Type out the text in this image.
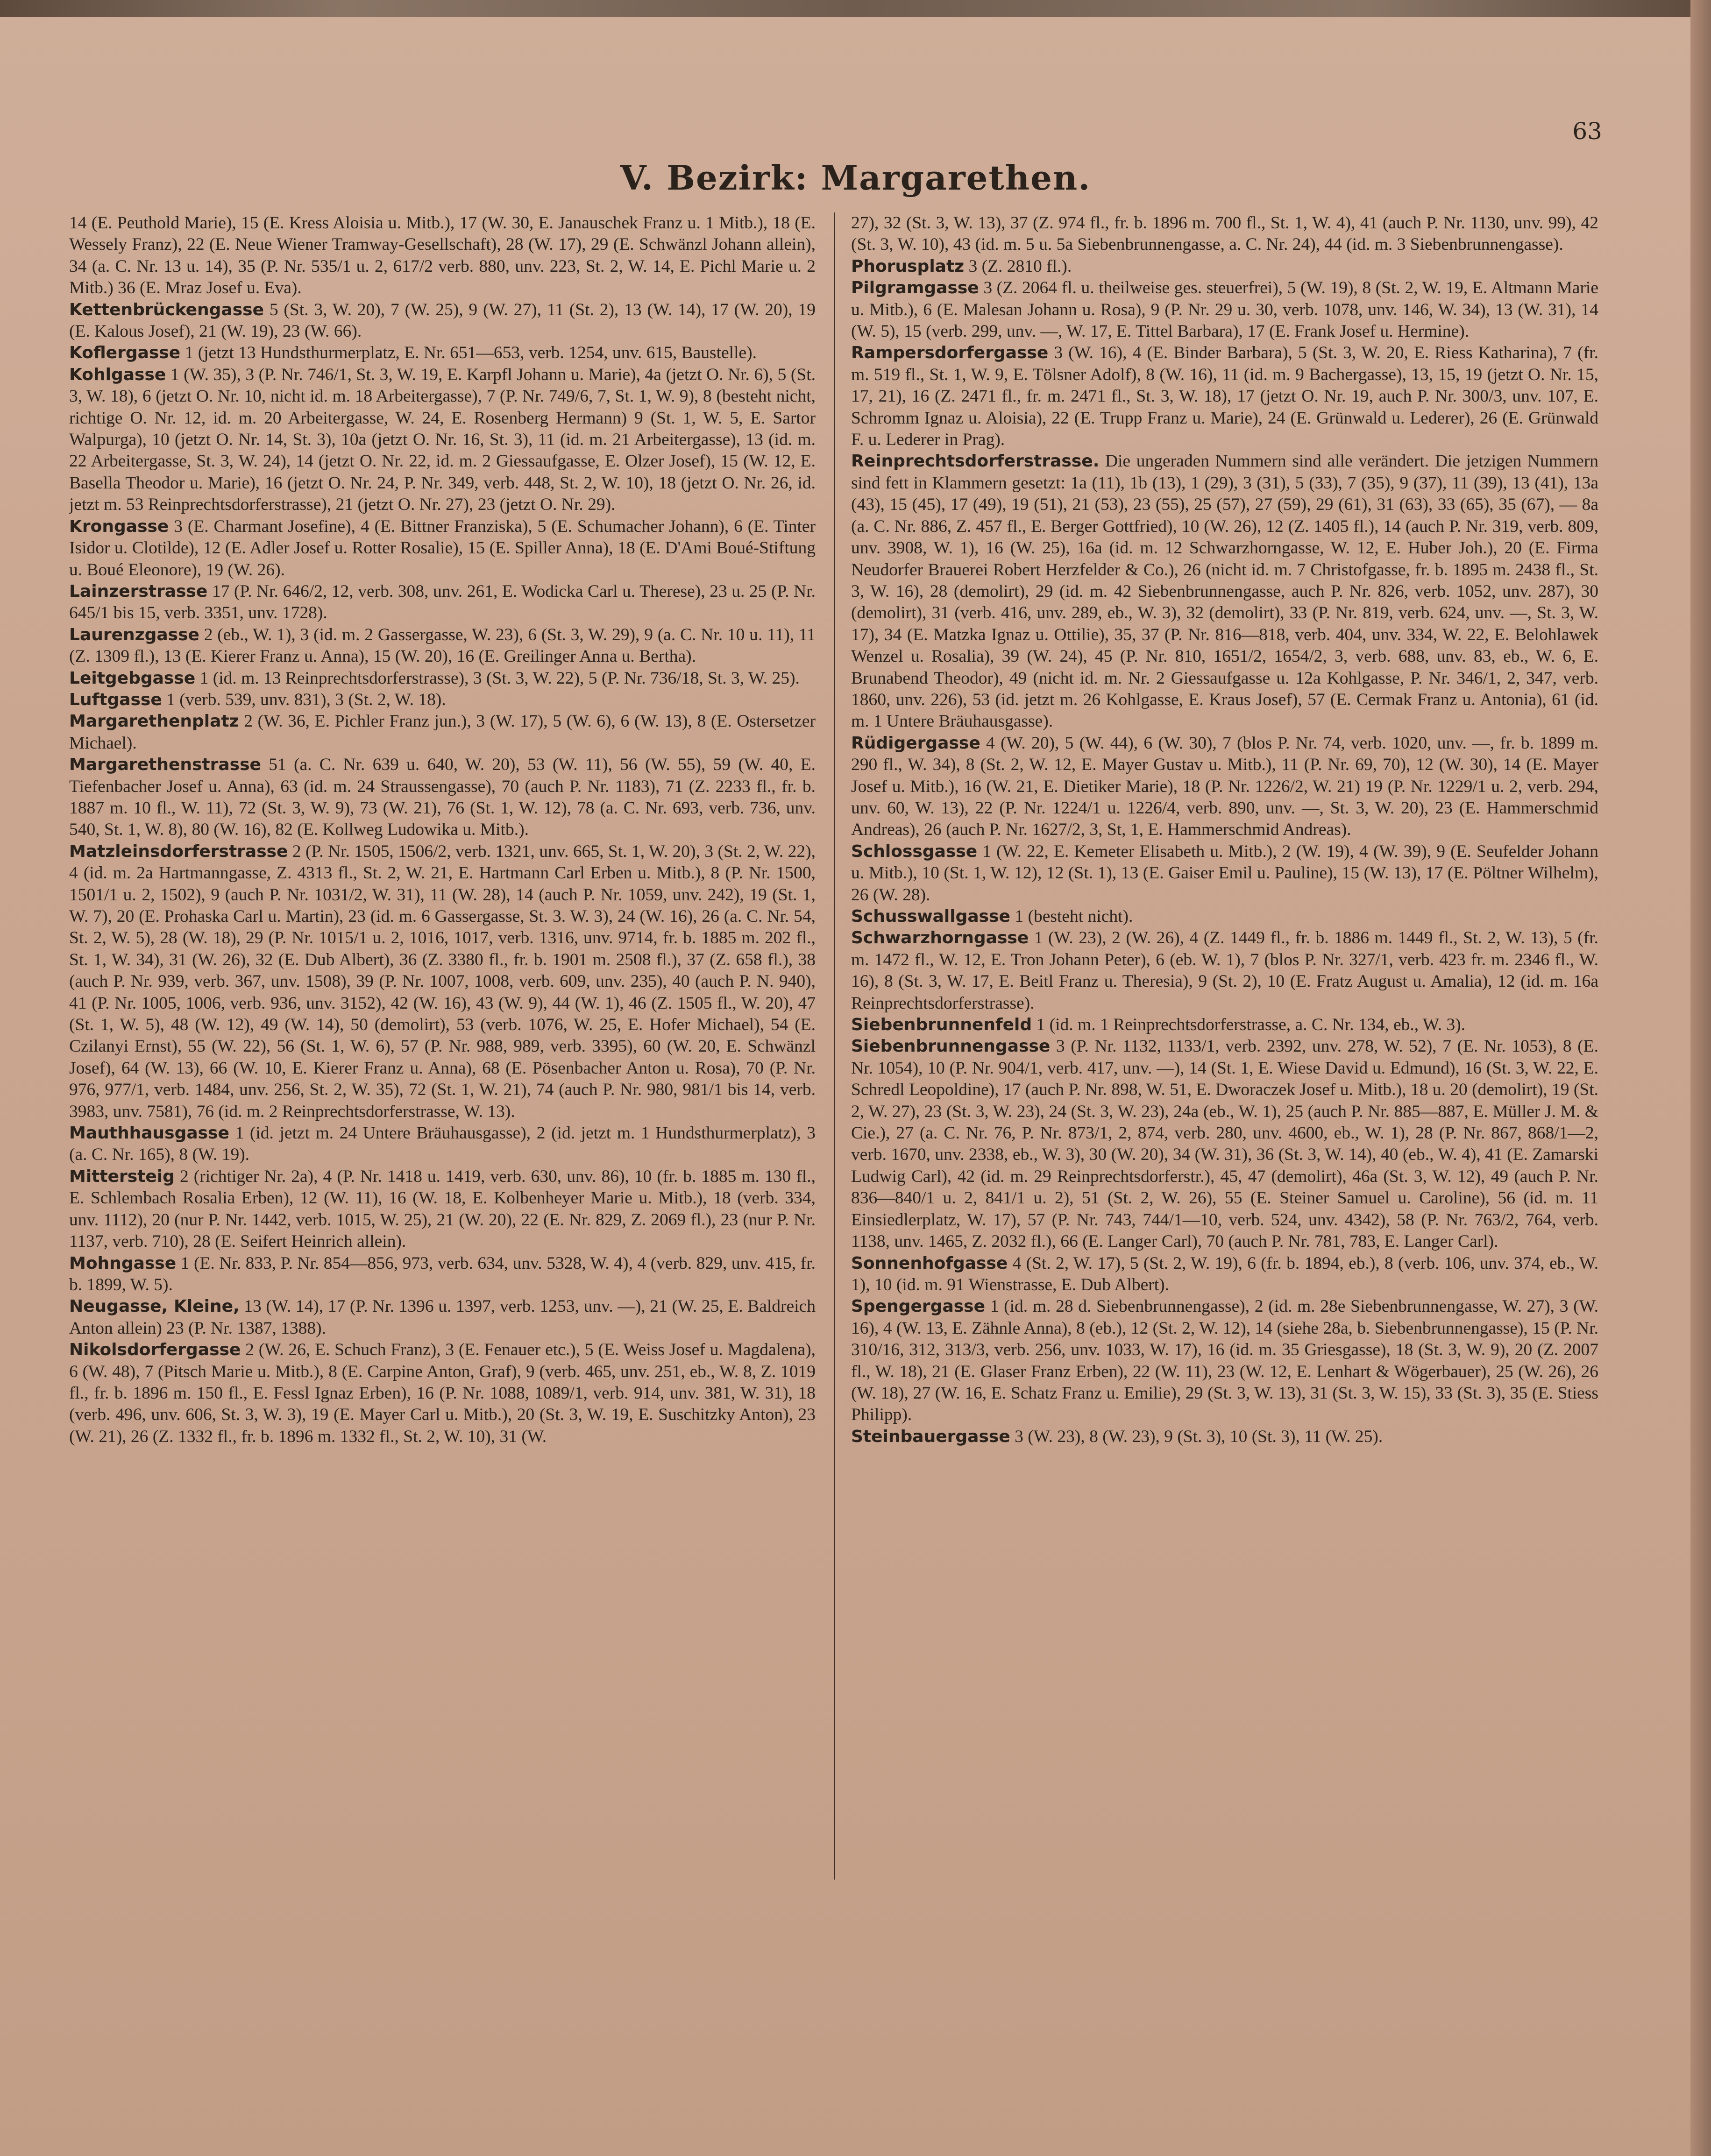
63
V. Bezirk: Margarethen.
14 (E. Peuthold Marie), 15 (E. Kress Aloisia u. Mitb.), 17 (W. 30, E. Janauschek Franz u. 1 Mitb.), 18 (E. Wessely Franz), 22 (E. Neue Wiener Tramway-Gesellschaft), 28 (W. 17), 29 (E. Schwänzl Johann allein), 34 (a. C. Nr. 13 u. 14), 35 (P. Nr. 535/1 u. 2, 617/2 verb. 880, unv. 223, St. 2, W. 14, E. Pichl Marie u. 2 Mitb.) 36 (E. Mraz Josef u. Eva).
Kettenbrückengasse 5 (St. 3, W. 20), 7 (W. 25), 9 (W. 27), 11 (St. 2), 13 (W. 14), 17 (W. 20), 19 (E. Kalous Josef), 21 (W. 19), 23 (W. 66).
Koflergasse 1 (jetzt 13 Hundsthurmerplatz, E. Nr. 651—653, verb. 1254, unv. 615, Baustelle).
Kohlgasse 1 (W. 35), 3 (P. Nr. 746/1, St. 3, W. 19, E. Karpfl Johann u. Marie), 4a (jetzt O. Nr. 6), 5 (St. 3, W. 18), 6 (jetzt O. Nr. 10, nicht id. m. 18 Arbeitergasse), 7 (P. Nr. 749/6, 7, St. 1, W. 9), 8 (besteht nicht, richtige O. Nr. 12, id. m. 20 Arbeitergasse, W. 24, E. Rosenberg Hermann) 9 (St. 1, W. 5, E. Sartor Walpurga), 10 (jetzt O. Nr. 14, St. 3), 10a (jetzt O. Nr. 16, St. 3), 11 (id. m. 21 Arbeitergasse), 13 (id. m. 22 Arbeitergasse, St. 3, W. 24), 14 (jetzt O. Nr. 22, id. m. 2 Giessaufgasse, E. Olzer Josef), 15 (W. 12, E. Basella Theodor u. Marie), 16 (jetzt O. Nr. 24, P. Nr. 349, verb. 448, St. 2, W. 10), 18 (jetzt O. Nr. 26, id. jetzt m. 53 Reinprechtsdorferstrasse), 21 (jetzt O. Nr. 27), 23 (jetzt O. Nr. 29).
Krongasse 3 (E. Charmant Josefine), 4 (E. Bittner Franziska), 5 (E. Schumacher Johann), 6 (E. Tinter Isidor u. Clotilde), 12 (E. Adler Josef u. Rotter Rosalie), 15 (E. Spiller Anna), 18 (E. D'Ami Boué-Stiftung u. Boué Eleonore), 19 (W. 26).
Lainzerstrasse 17 (P. Nr. 646/2, 12, verb. 308, unv. 261, E. Wodicka Carl u. Therese), 23 u. 25 (P. Nr. 645/1 bis 15, verb. 3351, unv. 1728).
Laurenzgasse 2 (eb., W. 1), 3 (id. m. 2 Gassergasse, W. 23), 6 (St. 3, W. 29), 9 (a. C. Nr. 10 u. 11), 11 (Z. 1309 fl.), 13 (E. Kierer Franz u. Anna), 15 (W. 20), 16 (E. Greilinger Anna u. Bertha).
Leitgebgasse 1 (id. m. 13 Reinprechtsdorferstrasse), 3 (St. 3, W. 22), 5 (P. Nr. 736/18, St. 3, W. 25).
Luftgasse 1 (verb. 539, unv. 831), 3 (St. 2, W. 18).
Margarethenplatz 2 (W. 36, E. Pichler Franz jun.), 3 (W. 17), 5 (W. 6), 6 (W. 13), 8 (E. Ostersetzer Michael).
Margarethenstrasse 51 (a. C. Nr. 639 u. 640, W. 20), 53 (W. 11), 56 (W. 55), 59 (W. 40, E. Tiefenbacher Josef u. Anna), 63 (id. m. 24 Straussengasse), 70 (auch P. Nr. 1183), 71 (Z. 2233 fl., fr. b. 1887 m. 10 fl., W. 11), 72 (St. 3, W. 9), 73 (W. 21), 76 (St. 1, W. 12), 78 (a. C. Nr. 693, verb. 736, unv. 540, St. 1, W. 8), 80 (W. 16), 82 (E. Kollweg Ludowika u. Mitb.).
Matzleinsdorferstrasse 2 (P. Nr. 1505, 1506/2, verb. 1321, unv. 665, St. 1, W. 20), 3 (St. 2, W. 22), 4 (id. m. 2a Hartmanngasse, Z. 4313 fl., St. 2, W. 21, E. Hartmann Carl Erben u. Mitb.), 8 (P. Nr. 1500, 1501/1 u. 2, 1502), 9 (auch P. Nr. 1031/2, W. 31), 11 (W. 28), 14 (auch P. Nr. 1059, unv. 242), 19 (St. 1, W. 7), 20 (E. Prohaska Carl u. Martin), 23 (id. m. 6 Gassergasse, St. 3. W. 3), 24 (W. 16), 26 (a. C. Nr. 54, St. 2, W. 5), 28 (W. 18), 29 (P. Nr. 1015/1 u. 2, 1016, 1017, verb. 1316, unv. 9714, fr. b. 1885 m. 202 fl., St. 1, W. 34), 31 (W. 26), 32 (E. Dub Albert), 36 (Z. 3380 fl., fr. b. 1901 m. 2508 fl.), 37 (Z. 658 fl.), 38 (auch P. Nr. 939, verb. 367, unv. 1508), 39 (P. Nr. 1007, 1008, verb. 609, unv. 235), 40 (auch P. N. 940), 41 (P. Nr. 1005, 1006, verb. 936, unv. 3152), 42 (W. 16), 43 (W. 9), 44 (W. 1), 46 (Z. 1505 fl., W. 20), 47 (St. 1, W. 5), 48 (W. 12), 49 (W. 14), 50 (demolirt), 53 (verb. 1076, W. 25, E. Hofer Michael), 54 (E. Czilanyi Ernst), 55 (W. 22), 56 (St. 1, W. 6), 57 (P. Nr. 988, 989, verb. 3395), 60 (W. 20, E. Schwänzl Josef), 64 (W. 13), 66 (W. 10, E. Kierer Franz u. Anna), 68 (E. Pösenbacher Anton u. Rosa), 70 (P. Nr. 976, 977/1, verb. 1484, unv. 256, St. 2, W. 35), 72 (St. 1, W. 21), 74 (auch P. Nr. 980, 981/1 bis 14, verb. 3983, unv. 7581), 76 (id. m. 2 Reinprechtsdorferstrasse, W. 13).
Mauthhausgasse 1 (id. jetzt m. 24 Untere Bräuhausgasse), 2 (id. jetzt m. 1 Hundsthurmerplatz), 3 (a. C. Nr. 165), 8 (W. 19).
Mittersteig 2 (richtiger Nr. 2a), 4 (P. Nr. 1418 u. 1419, verb. 630, unv. 86), 10 (fr. b. 1885 m. 130 fl., E. Schlembach Rosalia Erben), 12 (W. 11), 16 (W. 18, E. Kolbenheyer Marie u. Mitb.), 18 (verb. 334, unv. 1112), 20 (nur P. Nr. 1442, verb. 1015, W. 25), 21 (W. 20), 22 (E. Nr. 829, Z. 2069 fl.), 23 (nur P. Nr. 1137, verb. 710), 28 (E. Seifert Heinrich allein).
Mohngasse 1 (E. Nr. 833, P. Nr. 854—856, 973, verb. 634, unv. 5328, W. 4), 4 (verb. 829, unv. 415, fr. b. 1899, W. 5).
Neugasse, Kleine, 13 (W. 14), 17 (P. Nr. 1396 u. 1397, verb. 1253, unv. —), 21 (W. 25, E. Baldreich Anton allein) 23 (P. Nr. 1387, 1388).
Nikolsdorfergasse 2 (W. 26, E. Schuch Franz), 3 (E. Fenauer etc.), 5 (E. Weiss Josef u. Magdalena), 6 (W. 48), 7 (Pitsch Marie u. Mitb.), 8 (E. Carpine Anton, Graf), 9 (verb. 465, unv. 251, eb., W. 8, Z. 1019 fl., fr. b. 1896 m. 150 fl., E. Fessl Ignaz Erben), 16 (P. Nr. 1088, 1089/1, verb. 914, unv. 381, W. 31), 18 (verb. 496, unv. 606, St. 3, W. 3), 19 (E. Mayer Carl u. Mitb.), 20 (St. 3, W. 19, E. Suschitzky Anton), 23 (W. 21), 26 (Z. 1332 fl., fr. b. 1896 m. 1332 fl., St. 2, W. 10), 31 (W.
27), 32 (St. 3, W. 13), 37 (Z. 974 fl., fr. b. 1896 m. 700 fl., St. 1, W. 4), 41 (auch P. Nr. 1130, unv. 99), 42 (St. 3, W. 10), 43 (id. m. 5 u. 5a Siebenbrunnengasse, a. C. Nr. 24), 44 (id. m. 3 Siebenbrunnengasse).
Phorusplatz 3 (Z. 2810 fl.).
Pilgramgasse 3 (Z. 2064 fl. u. theilweise ges. steuerfrei), 5 (W. 19), 8 (St. 2, W. 19, E. Altmann Marie u. Mitb.), 6 (E. Malesan Johann u. Rosa), 9 (P. Nr. 29 u. 30, verb. 1078, unv. 146, W. 34), 13 (W. 31), 14 (W. 5), 15 (verb. 299, unv. —, W. 17, E. Tittel Barbara), 17 (E. Frank Josef u. Hermine).
Rampersdorfergasse 3 (W. 16), 4 (E. Binder Barbara), 5 (St. 3, W. 20, E. Riess Katharina), 7 (fr. m. 519 fl., St. 1, W. 9, E. Tölsner Adolf), 8 (W. 16), 11 (id. m. 9 Bachergasse), 13, 15, 19 (jetzt O. Nr. 15, 17, 21), 16 (Z. 2471 fl., fr. m. 2471 fl., St. 3, W. 18), 17 (jetzt O. Nr. 19, auch P. Nr. 300/3, unv. 107, E. Schromm Ignaz u. Aloisia), 22 (E. Trupp Franz u. Marie), 24 (E. Grünwald u. Lederer), 26 (E. Grünwald F. u. Lederer in Prag).
Reinprechtsdorferstrasse. Die ungeraden Nummern sind alle verändert. Die jetzigen Nummern sind fett in Klammern gesetzt: 1a (11), 1b (13), 1 (29), 3 (31), 5 (33), 7 (35), 9 (37), 11 (39), 13 (41), 13a (43), 15 (45), 17 (49), 19 (51), 21 (53), 23 (55), 25 (57), 27 (59), 29 (61), 31 (63), 33 (65), 35 (67), — 8a (a. C. Nr. 886, Z. 457 fl., E. Berger Gottfried), 10 (W. 26), 12 (Z. 1405 fl.), 14 (auch P. Nr. 319, verb. 809, unv. 3908, W. 1), 16 (W. 25), 16a (id. m. 12 Schwarzhorngasse, W. 12, E. Huber Joh.), 20 (E. Firma Neudorfer Brauerei Robert Herzfelder & Co.), 26 (nicht id. m. 7 Christofgasse, fr. b. 1895 m. 2438 fl., St. 3, W. 16), 28 (demolirt), 29 (id. m. 42 Siebenbrunnengasse, auch P. Nr. 826, verb. 1052, unv. 287), 30 (demolirt), 31 (verb. 416, unv. 289, eb., W. 3), 32 (demolirt), 33 (P. Nr. 819, verb. 624, unv. —, St. 3, W. 17), 34 (E. Matzka Ignaz u. Ottilie), 35, 37 (P. Nr. 816—818, verb. 404, unv. 334, W. 22, E. Belohlawek Wenzel u. Rosalia), 39 (W. 24), 45 (P. Nr. 810, 1651/2, 1654/2, 3, verb. 688, unv. 83, eb., W. 6, E. Brunabend Theodor), 49 (nicht id. m. Nr. 2 Giessaufgasse u. 12a Kohlgasse, P. Nr. 346/1, 2, 347, verb. 1860, unv. 226), 53 (id. jetzt m. 26 Kohlgasse, E. Kraus Josef), 57 (E. Cermak Franz u. Antonia), 61 (id. m. 1 Untere Bräuhausgasse).
Rüdigergasse 4 (W. 20), 5 (W. 44), 6 (W. 30), 7 (blos P. Nr. 74, verb. 1020, unv. —, fr. b. 1899 m. 290 fl., W. 34), 8 (St. 2, W. 12, E. Mayer Gustav u. Mitb.), 11 (P. Nr. 69, 70), 12 (W. 30), 14 (E. Mayer Josef u. Mitb.), 16 (W. 21, E. Dietiker Marie), 18 (P. Nr. 1226/2, W. 21) 19 (P. Nr. 1229/1 u. 2, verb. 294, unv. 60, W. 13), 22 (P. Nr. 1224/1 u. 1226/4, verb. 890, unv. —, St. 3, W. 20), 23 (E. Hammerschmid Andreas), 26 (auch P. Nr. 1627/2, 3, St, 1, E. Hammerschmid Andreas).
Schlossgasse 1 (W. 22, E. Kemeter Elisabeth u. Mitb.), 2 (W. 19), 4 (W. 39), 9 (E. Seufelder Johann u. Mitb.), 10 (St. 1, W. 12), 12 (St. 1), 13 (E. Gaiser Emil u. Pauline), 15 (W. 13), 17 (E. Pöltner Wilhelm), 26 (W. 28).
Schusswallgasse 1 (besteht nicht).
Schwarzhorngasse 1 (W. 23), 2 (W. 26), 4 (Z. 1449 fl., fr. b. 1886 m. 1449 fl., St. 2, W. 13), 5 (fr. m. 1472 fl., W. 12, E. Tron Johann Peter), 6 (eb. W. 1), 7 (blos P. Nr. 327/1, verb. 423 fr. m. 2346 fl., W. 16), 8 (St. 3, W. 17, E. Beitl Franz u. Theresia), 9 (St. 2), 10 (E. Fratz August u. Amalia), 12 (id. m. 16a Reinprechtsdorferstrasse).
Siebenbrunnenfeld 1 (id. m. 1 Reinprechtsdorferstrasse, a. C. Nr. 134, eb., W. 3).
Siebenbrunnengasse 3 (P. Nr. 1132, 1133/1, verb. 2392, unv. 278, W. 52), 7 (E. Nr. 1053), 8 (E. Nr. 1054), 10 (P. Nr. 904/1, verb. 417, unv. —), 14 (St. 1, E. Wiese David u. Edmund), 16 (St. 3, W. 22, E. Schredl Leopoldine), 17 (auch P. Nr. 898, W. 51, E. Dworaczek Josef u. Mitb.), 18 u. 20 (demolirt), 19 (St. 2, W. 27), 23 (St. 3, W. 23), 24 (St. 3, W. 23), 24a (eb., W. 1), 25 (auch P. Nr. 885—887, E. Müller J. M. & Cie.), 27 (a. C. Nr. 76, P. Nr. 873/1, 2, 874, verb. 280, unv. 4600, eb., W. 1), 28 (P. Nr. 867, 868/1—2, verb. 1670, unv. 2338, eb., W. 3), 30 (W. 20), 34 (W. 31), 36 (St. 3, W. 14), 40 (eb., W. 4), 41 (E. Zamarski Ludwig Carl), 42 (id. m. 29 Reinprechtsdorferstr.), 45, 47 (demolirt), 46a (St. 3, W. 12), 49 (auch P. Nr. 836—840/1 u. 2, 841/1 u. 2), 51 (St. 2, W. 26), 55 (E. Steiner Samuel u. Caroline), 56 (id. m. 11 Einsiedlerplatz, W. 17), 57 (P. Nr. 743, 744/1—10, verb. 524, unv. 4342), 58 (P. Nr. 763/2, 764, verb. 1138, unv. 1465, Z. 2032 fl.), 66 (E. Langer Carl), 70 (auch P. Nr. 781, 783, E. Langer Carl).
Sonnenhofgasse 4 (St. 2, W. 17), 5 (St. 2, W. 19), 6 (fr. b. 1894, eb.), 8 (verb. 106, unv. 374, eb., W. 1), 10 (id. m. 91 Wienstrasse, E. Dub Albert).
Spengergasse 1 (id. m. 28 d. Siebenbrunnengasse), 2 (id. m. 28e Siebenbrunnengasse, W. 27), 3 (W. 16), 4 (W. 13, E. Zähnle Anna), 8 (eb.), 12 (St. 2, W. 12), 14 (siehe 28a, b. Siebenbrunnengasse), 15 (P. Nr. 310/16, 312, 313/3, verb. 256, unv. 1033, W. 17), 16 (id. m. 35 Griesgasse), 18 (St. 3, W. 9), 20 (Z. 2007 fl., W. 18), 21 (E. Glaser Franz Erben), 22 (W. 11), 23 (W. 12, E. Lenhart & Wögerbauer), 25 (W. 26), 26 (W. 18), 27 (W. 16, E. Schatz Franz u. Emilie), 29 (St. 3, W. 13), 31 (St. 3, W. 15), 33 (St. 3), 35 (E. Stiess Philipp).
Steinbauergasse 3 (W. 23), 8 (W. 23), 9 (St. 3), 10 (St. 3), 11 (W. 25).
